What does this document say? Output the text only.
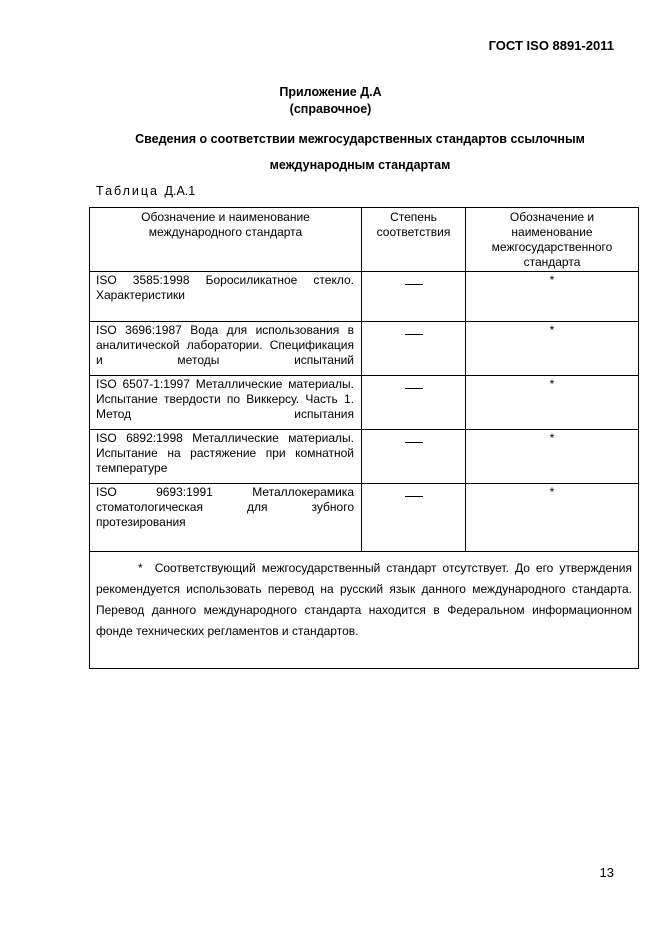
ГОСТ ISO 8891-2011
Приложение Д.А
(справочное)
Сведения о соответствии межгосударственных стандартов ссылочным
международным стандартам
Таблица Д.А.1
Обозначение и наименование международного стандарта	Степень соответствия	Обозначение и наименование межгосударственного стандарта
ISO 3585:1998 Боросиликатное стекло. Характеристики		*
ISO 3696:1987 Вода для использования в аналитической лаборатории. Спецификация и методы испытаний		*
ISO 6507-1:1997 Металлические материалы. Испытание твердости по Виккерсу. Часть 1. Метод испытания		*
ISO 6892:1998 Металлические материалы. Испытание на растяжение при комнатной температуре		*
ISO 9693:1991 Металлокерамика стоматологическая для зубного протезирования		*
* Соответствующий межгосударственный стандарт отсутствует. До его утверждения рекомендуется использовать перевод на русский язык данного международного стандарта. Перевод данного международного стандарта находится в Федеральном информационном фонде технических регламентов и стандартов.		
13
